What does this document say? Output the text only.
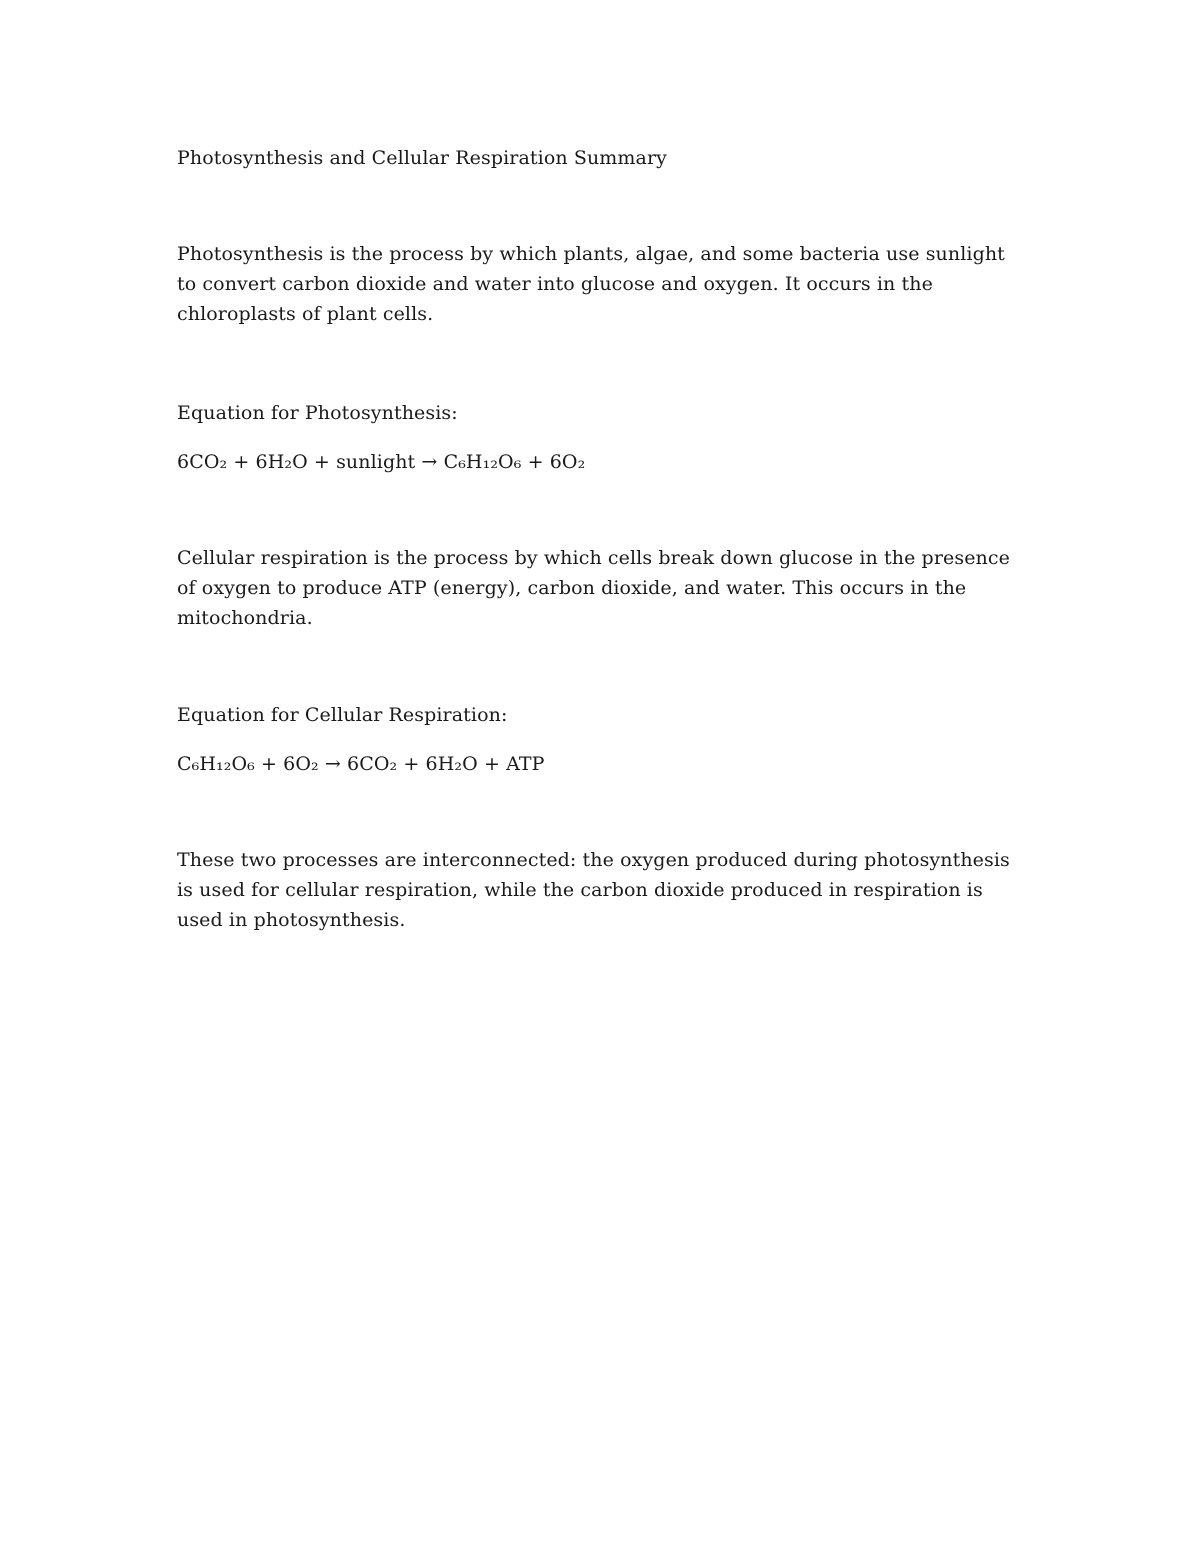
Photosynthesis and Cellular Respiration Summary

Photosynthesis is the process by which plants, algae, and some bacteria use sunlight to convert carbon dioxide and water into glucose and oxygen. It occurs in the chloroplasts of plant cells.

Equation for Photosynthesis:

6CO₂ + 6H₂O + sunlight → C₆H₁₂O₆ + 6O₂

Cellular respiration is the process by which cells break down glucose in the presence of oxygen to produce ATP (energy), carbon dioxide, and water. This occurs in the mitochondria.

Equation for Cellular Respiration:

C₆H₁₂O₆ + 6O₂ → 6CO₂ + 6H₂O + ATP

These two processes are interconnected: the oxygen produced during photosynthesis is used for cellular respiration, while the carbon dioxide produced in respiration is used in photosynthesis.
